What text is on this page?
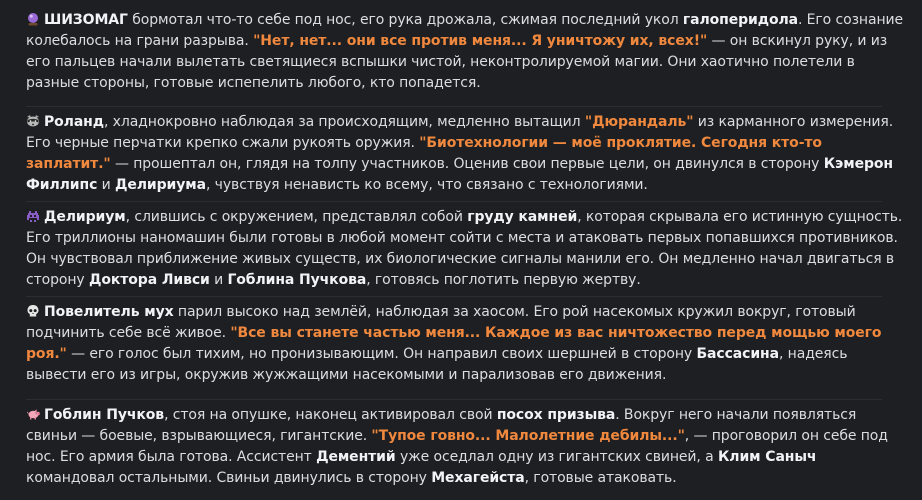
ШИЗОМАГ бормотал что-то себе под нос, его рука дрожала, сжимая последний укол галоперидола. Его сознание колебалось на грани разрыва. "Нет, нет... они все против меня... Я уничтожу их, всех!" — он вскинул руку, и из его пальцев начали вылетать светящиеся вспышки чистой, неконтролируемой магии. Они хаотично полетели в разные стороны, готовые испепелить любого, кто попадется.
Роланд, хладнокровно наблюдая за происходящим, медленно вытащил "Дюрандаль" из карманного измерения. Его черные перчатки крепко сжали рукоять оружия. "Биотехнологии — моё проклятие. Сегодня кто-то заплатит." — прошептал он, глядя на толпу участников. Оценив свои первые цели, он двинулся в сторону Кэмерон Филлипс и Делириума, чувствуя ненависть ко всему, что связано с технологиями.
Делириум, слившись с окружением, представлял собой груду камней, которая скрывала его истинную сущность. Его триллионы наномашин были готовы в любой момент сойти с места и атаковать первых попавшихся противников. Он чувствовал приближение живых существ, их биологические сигналы манили его. Он медленно начал двигаться в сторону Доктора Ливси и Гоблина Пучкова, готовясь поглотить первую жертву.
Повелитель мух парил высоко над землёй, наблюдая за хаосом. Его рой насекомых кружил вокруг, готовый подчинить себе всё живое. "Все вы станете частью меня... Каждое из вас ничтожество перед мощью моего роя." — его голос был тихим, но пронизывающим. Он направил своих шершней в сторону Бассасина, надеясь вывести его из игры, окружив жужжащими насекомыми и парализовав его движения.
Гоблин Пучков, стоя на опушке, наконец активировал свой посох призыва. Вокруг него начали появляться свиньи — боевые, взрывающиеся, гигантские. "Тупое говно... Малолетние дебилы...", — проговорил он себе под нос. Его армия была готова. Ассистент Дементий уже оседлал одну из гигантских свиней, а Клим Саныч командовал остальными. Свиньи двинулись в сторону Мехагейста, готовые атаковать.
